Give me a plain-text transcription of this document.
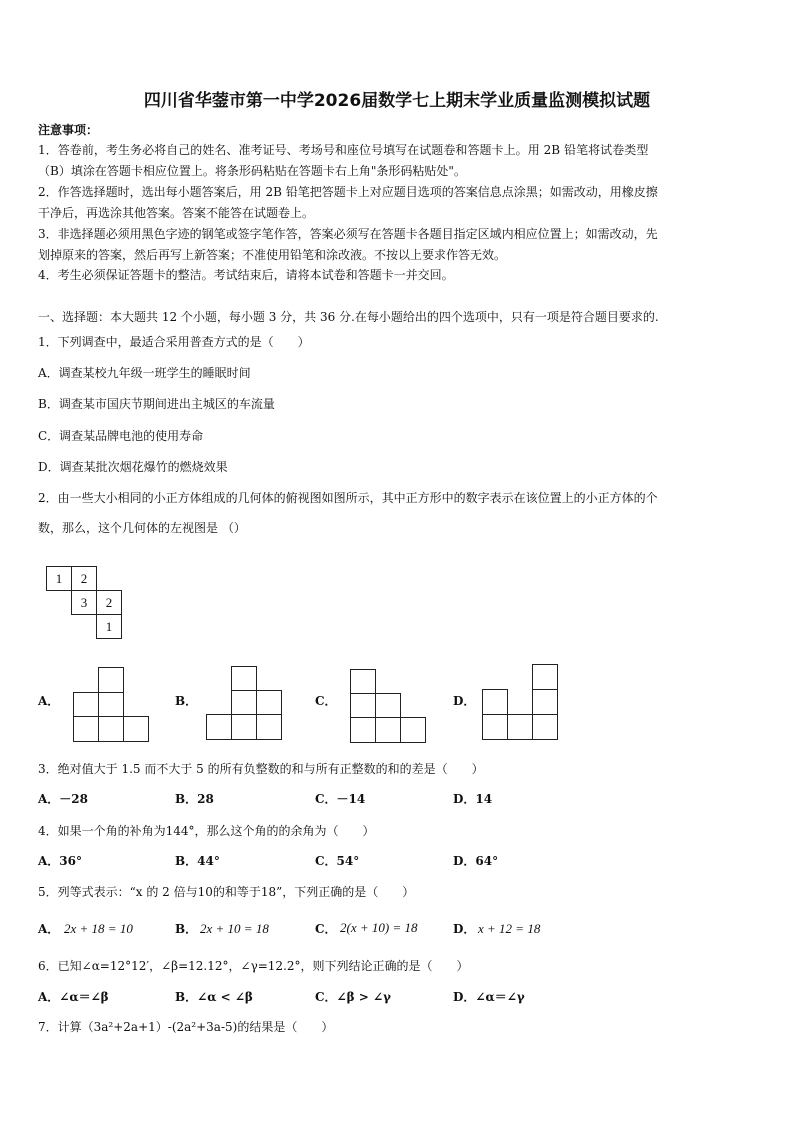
四川省华蓥市第一中学2026届数学七上期末学业质量监测模拟试题
注意事项：
1．答卷前，考生务必将自己的姓名、准考证号、考场号和座位号填写在试题卷和答题卡上。用 2B 铅笔将试卷类型
（B）填涂在答题卡相应位置上。将条形码粘贴在答题卡右上角"条形码粘贴处"。
2．作答选择题时，选出每小题答案后，用 2B 铅笔把答题卡上对应题目选项的答案信息点涂黑；如需改动，用橡皮擦
干净后，再选涂其他答案。答案不能答在试题卷上。
3．非选择题必须用黑色字迹的钢笔或签字笔作答，答案必须写在答题卡各题目指定区域内相应位置上；如需改动，先
划掉原来的答案，然后再写上新答案；不准使用铅笔和涂改液。不按以上要求作答无效。
4．考生必须保证答题卡的整洁。考试结束后，请将本试卷和答题卡一并交回。
一、选择题：本大题共 12 个小题，每小题 3 分，共 36 分.在每小题给出的四个选项中，只有一项是符合题目要求的.
1．下列调查中，最适合采用普查方式的是（　　）
A．调查某校九年级一班学生的睡眠时间
B．调查某市国庆节期间进出主城区的车流量
C．调查某品牌电池的使用寿命
D．调查某批次烟花爆竹的燃烧效果
2．由一些大小相同的小正方体组成的几何体的俯视图如图所示，其中正方形中的数字表示在该位置上的小正方体的个
数，那么，这个几何体的左视图是 （）
1 2
3 2
1
A．	B．	C．	D．
3．绝对值大于 1.5 而不大于 5 的所有负整数的和与所有正整数的和的差是（　　）
A．－28	B．28	C．－14	D．14
4．如果一个角的补角为144°，那么这个角的的余角为（　　）
A．36°	B．44°	C．54°	D．64°
5．列等式表示：“x 的 2 倍与10的和等于18”，下列正确的是（　　）
A． 2x + 18 = 10	B． 2x + 10 = 18	C． 2(x + 10) = 18	D． x + 12 = 18
6．已知∠α=12°12′，∠β=12.12°，∠γ=12.2°，则下列结论正确的是（　　）
A．∠α＝∠β	B．∠α < ∠β	C．∠β > ∠γ	D．∠α＝∠γ
7．计算（3a²+2a+1）-(2a²+3a-5)的结果是（　　）
